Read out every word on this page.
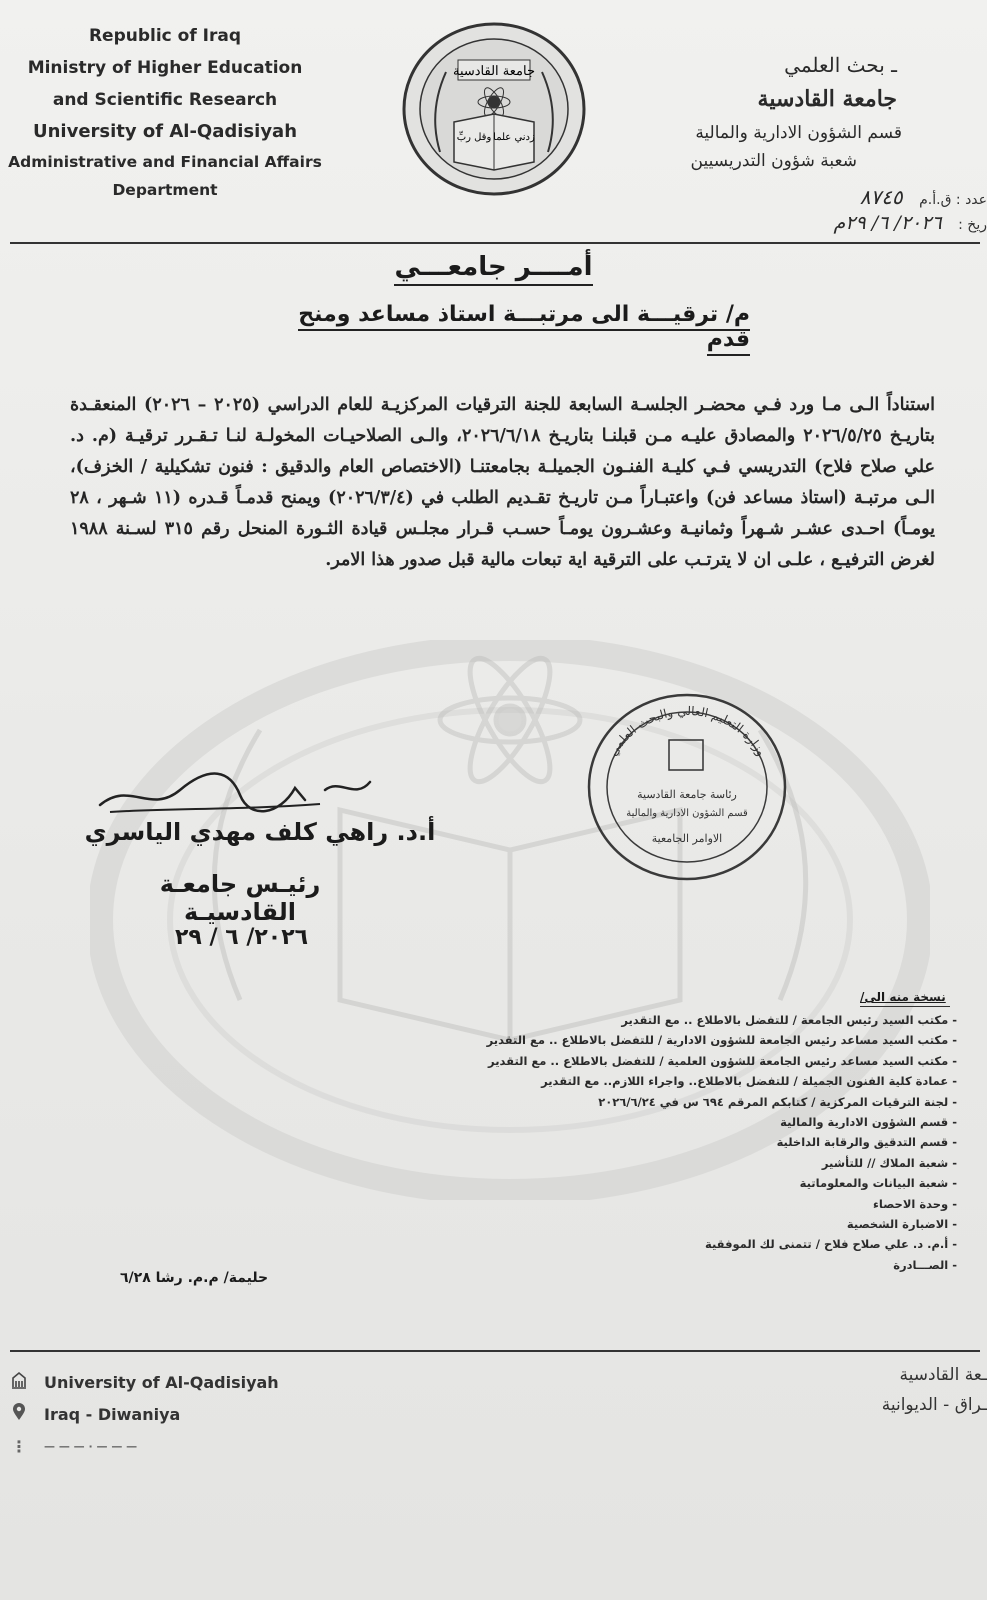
Republic of Iraq
Ministry of Higher Education
and Scientific Research
University of Al-Qadisiyah
Administrative and Financial Affairs
Department
جامعة القادسية
وقل ربِّ زدني علما
ـ بحث العلمي
جامعة القادسية
قسم الشؤون الادارية والمالية
شعبة شؤون التدريسيين
عدد : ق.أ.م ٨٧٤٥
ريخ : ٢٠٢٦/ ٦/ ٢٩م
أمــــر جامعـــي
م/ ترقيـــة الى مرتبـــة استاذ مساعد ومنح قدم
استناداً الـى مـا ورد فـي محضـر الجلسـة السابعة للجنة الترقيات المركزيـة للعام الدراسي (٢٠٢٥ – ٢٠٢٦) المنعقـدة بتاريـخ ٢٠٢٦/٥/٢٥ والمصادق عليـه مـن قبلنـا بتاريـخ ٢٠٢٦/٦/١٨، والـى الصلاحيـات المخولـة لنـا تـقـرر ترقيـة (م. د. علي صلاح فلاح) التدريسي فـي كليـة الفنـون الجميلـة بجامعتنـا (الاختصاص العام والدقيق : فنون تشكيلية / الخزف)، الـى مرتبـة (استاذ مساعد فن) واعتبـاراً مـن تاريـخ تقـديم الطلب في (٢٠٢٦/٣/٤) ويمنح قدمـاً قـدره (١١ شـهر ، ٢٨ يومـاً) احـدى عشـر شـهراً وثمانيـة وعشـرون يومـاً حسـب قـرار مجلـس قيادة الثـورة المنحل رقم ٣١٥ لسـنة ١٩٨٨ لغرض الترفيـع ، علـى ان لا يترتـب على الترقية اية تبعات مالية قبل صدور هذا الامر.
وزارة التعليم العالي والبحث العلمي
رئاسة جامعة القادسية
قسم الشؤون الادارية والمالية
الاوامر الجامعية
أ.د. راهي كلف مهدي الياسري
رئيـس جامعـة القادسيـة
٢٠٢٦/ ٦ / ٢٩
نسخة منه الى/
- مكتب السيد رئيس الجامعة / للتفضل بالاطلاع .. مع التقدير
- مكتب السيد مساعد رئيس الجامعة للشؤون الادارية / للتفضل بالاطلاع .. مع التقدير
- مكتب السيد مساعد رئيس الجامعة للشؤون العلمية / للتفضل بالاطلاع .. مع التقدير
- عمادة كلية الفنون الجميلة / للتفضل بالاطلاع.. واجراء اللازم.. مع التقدير
- لجنة الترقيات المركزية / كتابكم المرقم ٦٩٤ س في ٢٠٢٦/٦/٢٤
- قسم الشؤون الادارية والمالية
- قسم التدقيق والرقابة الداخلية
- شعبة الملاك // للتأشير
- شعبة البيانات والمعلوماتية
- وحدة الاحصاء
- الاضبارة الشخصية
- أ.م. د. علي صلاح فلاح / تتمنى لك الموفقية
- الصـــادرة
حليمة/ م.م. رشا ٦/٢٨
University of Al-Qadisiyah
Iraq - Diwaniya
⋮ — — — · — — —
ـعة القادسية
ـراق - الديوانية
